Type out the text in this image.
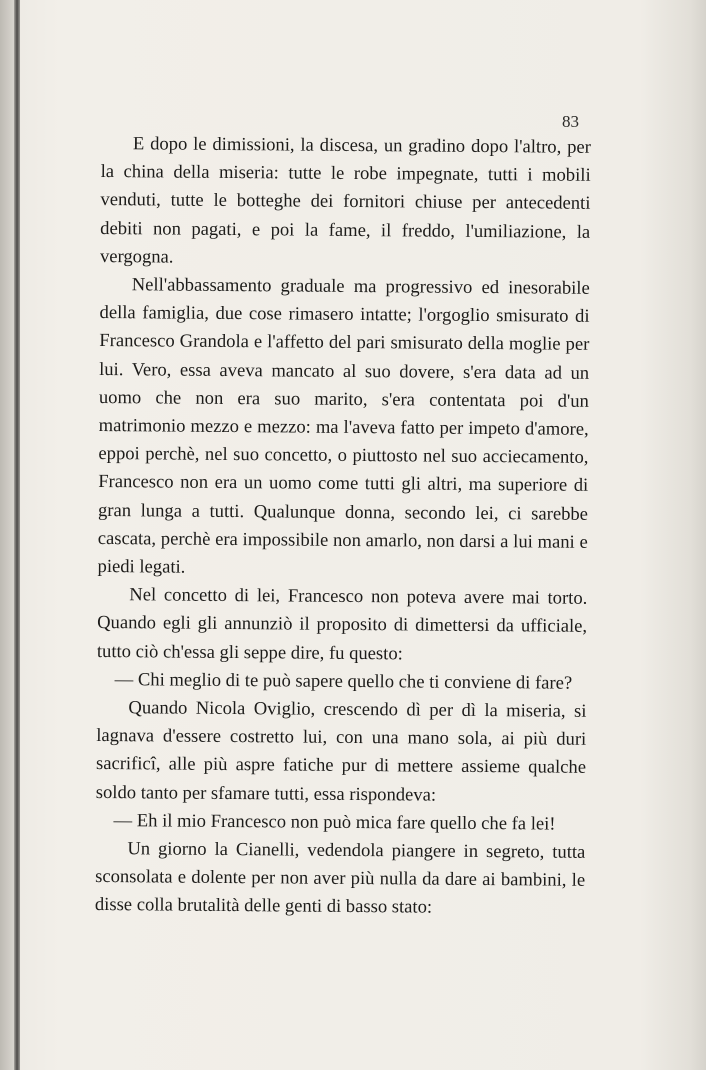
83

E dopo le dimissioni, la discesa, un gradino dopo l'altro, per la china della miseria: tutte le robe impegnate, tutti i mobili venduti, tutte le botteghe dei fornitori chiuse per antecedenti debiti non pagati, e poi la fame, il freddo, l'umiliazione, la vergogna.

Nell'abbassamento graduale ma progressivo ed inesorabile della famiglia, due cose rimasero intatte; l'orgoglio smisurato di Francesco Grandola e l'affetto del pari smisurato della moglie per lui. Vero, essa aveva mancato al suo dovere, s'era data ad un uomo che non era suo marito, s'era contentata poi d'un matrimonio mezzo e mezzo: ma l'aveva fatto per impeto d'amore, eppoi perchè, nel suo concetto, o piuttosto nel suo acciecamento, Francesco non era un uomo come tutti gli altri, ma superiore di gran lunga a tutti. Qualunque donna, secondo lei, ci sarebbe cascata, perchè era impossibile non amarlo, non darsi a lui mani e piedi legati.

Nel concetto di lei, Francesco non poteva avere mai torto. Quando egli gli annunziò il proposito di dimettersi da ufficiale, tutto ciò ch'essa gli seppe dire, fu questo:

— Chi meglio di te può sapere quello che ti conviene di fare?

Quando Nicola Oviglio, crescendo dì per dì la miseria, si lagnava d'essere costretto lui, con una mano sola, ai più duri sacrificî, alle più aspre fatiche pur di mettere assieme qualche soldo tanto per sfamare tutti, essa rispondeva:

— Eh il mio Francesco non può mica fare quello che fa lei!

Un giorno la Cianelli, vedendola piangere in segreto, tutta sconsolata e dolente per non aver più nulla da dare ai bambini, le disse colla brutalità delle genti di basso stato:
